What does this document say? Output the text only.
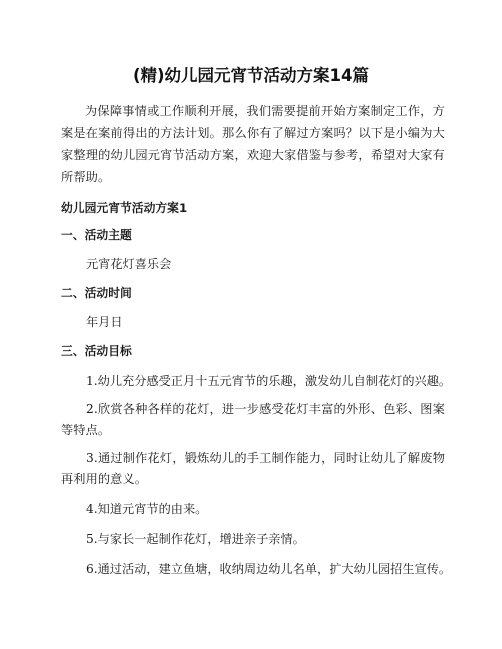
(精)幼儿园元宵节活动方案14篇

为保障事情或工作顺利开展，我们需要提前开始方案制定工作，方案是在案前得出的方法计划。那么你有了解过方案吗？以下是小编为大家整理的幼儿园元宵节活动方案，欢迎大家借鉴与参考，希望对大家有所帮助。

幼儿园元宵节活动方案1

一、活动主题

元宵花灯喜乐会

二、活动时间

年月日

三、活动目标

1.幼儿充分感受正月十五元宵节的乐趣，激发幼儿自制花灯的兴趣。

2.欣赏各种各样的花灯，进一步感受花灯丰富的外形、色彩、图案等特点。

3.通过制作花灯，锻炼幼儿的手工制作能力，同时让幼儿了解废物再利用的意义。

4.知道元宵节的由来。

5.与家长一起制作花灯，增进亲子亲情。

6.通过活动，建立鱼塘，收纳周边幼儿名单，扩大幼儿园招生宣传。
